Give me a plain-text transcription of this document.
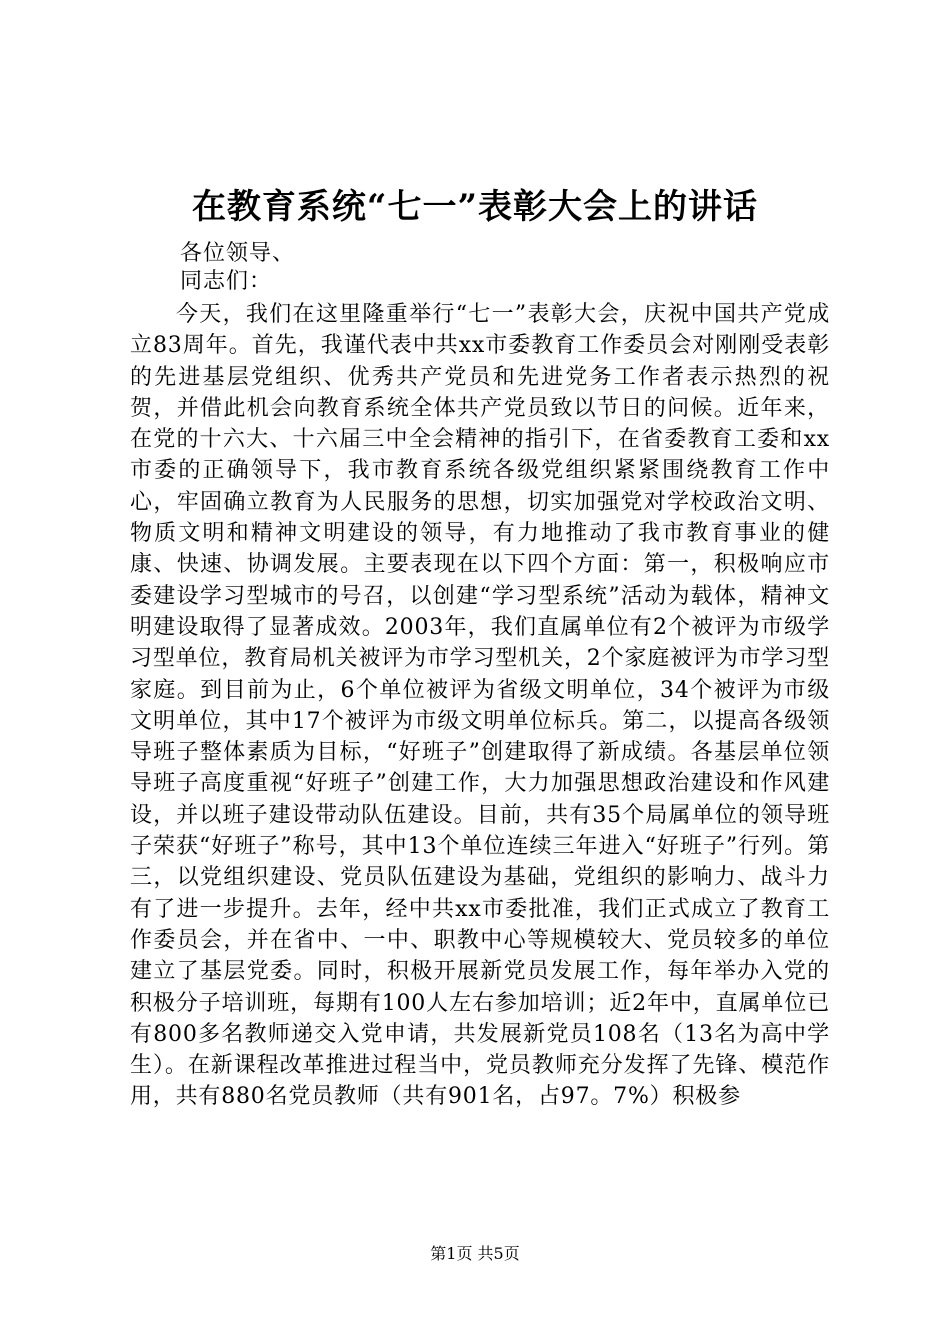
在教育系统“七一”表彰大会上的讲话
各位领导、
同志们：

今天，我们在这里隆重举行“七一”表彰大会，庆祝中国共产党成立83周年。首先，我谨代表中共xx市委教育工作委员会对刚刚受表彰的先进基层党组织、优秀共产党员和先进党务工作者表示热烈的祝贺，并借此机会向教育系统全体共产党员致以节日的问候。近年来，在党的十六大、十六届三中全会精神的指引下，在省委教育工委和xx市委的正确领导下，我市教育系统各级党组织紧紧围绕教育工作中心，牢固确立教育为人民服务的思想，切实加强党对学校政治文明、物质文明和精神文明建设的领导，有力地推动了我市教育事业的健康、快速、协调发展。主要表现在以下四个方面：第一，积极响应市委建设学习型城市的号召，以创建“学习型系统”活动为载体，精神文明建设取得了显著成效。2003年，我们直属单位有2个被评为市级学习型单位，教育局机关被评为市学习型机关，2个家庭被评为市学习型家庭。到目前为止，6个单位被评为省级文明单位，34个被评为市级文明单位，其中17个被评为市级文明单位标兵。第二，以提高各级领导班子整体素质为目标，“好班子”创建取得了新成绩。各基层单位领导班子高度重视“好班子”创建工作，大力加强思想政治建设和作风建设，并以班子建设带动队伍建设。目前，共有35个局属单位的领导班子荣获“好班子”称号，其中13个单位连续三年进入“好班子”行列。第三，以党组织建设、党员队伍建设为基础，党组织的影响力、战斗力有了进一步提升。去年，经中共xx市委批准，我们正式成立了教育工作委员会，并在省中、一中、职教中心等规模较大、党员较多的单位建立了基层党委。同时，积极开展新党员发展工作，每年举办入党的积极分子培训班，每期有100人左右参加培训；近2年中，直属单位已有800多名教师递交入党申请，共发展新党员108名（13名为高中学生）。在新课程改革推进过程当中，党员教师充分发挥了先锋、模范作用，共有880名党员教师（共有901名，占97。7%）积极参

第1页 共5页
